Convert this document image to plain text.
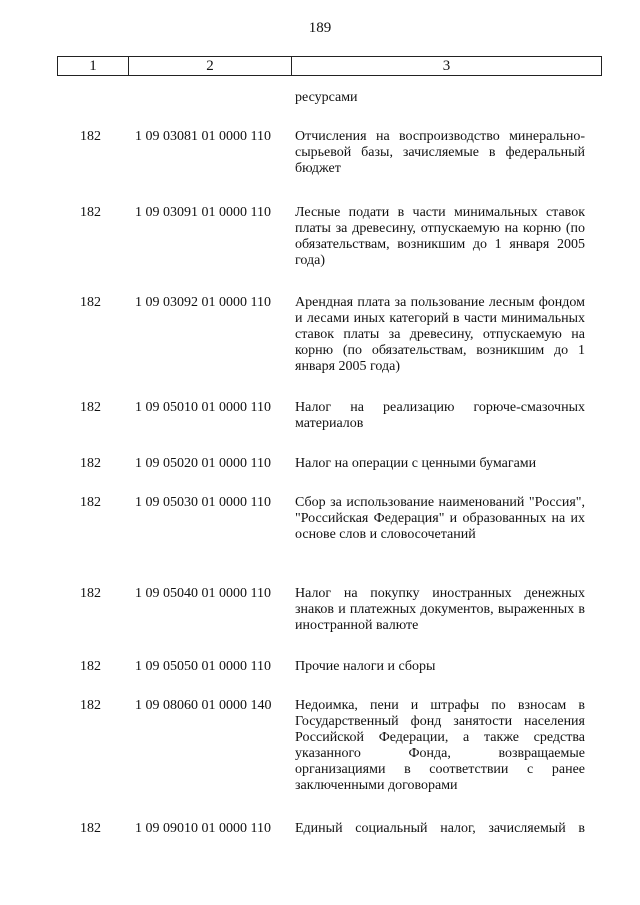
189
1	2	3
ресурсами
182	1 09 03081 01 0000 110	Отчисления на воспроизводство минерально-сырьевой базы, зачисляемые в федеральный бюджет
182	1 09 03091 01 0000 110	Лесные подати в части минимальных ставок платы за древесину, отпускаемую на корню (по обязательствам, возникшим до 1 января 2005 года)
182	1 09 03092 01 0000 110	Арендная плата за пользование лесным фондом и лесами иных категорий в части минимальных ставок платы за древесину, отпускаемую на корню (по обязательствам, возникшим до 1 января 2005 года)
182	1 09 05010 01 0000 110	Налог на реализацию горюче-смазочных материалов
182	1 09 05020 01 0000 110	Налог на операции с ценными бумагами
182	1 09 05030 01 0000 110	Сбор за использование наименований "Россия", "Российская Федерация" и образованных на их основе слов и словосочетаний
182	1 09 05040 01 0000 110	Налог на покупку иностранных денежных знаков и платежных документов, выраженных в иностранной валюте
182	1 09 05050 01 0000 110	Прочие налоги и сборы
182	1 09 08060 01 0000 140	Недоимка, пени и штрафы по взносам в Государственный фонд занятости населения Российской Федерации, а также средства указанного Фонда, возвращаемые организациями в соответствии с ранее заключенными договорами
182	1 09 09010 01 0000 110	Единый социальный налог, зачисляемый в
